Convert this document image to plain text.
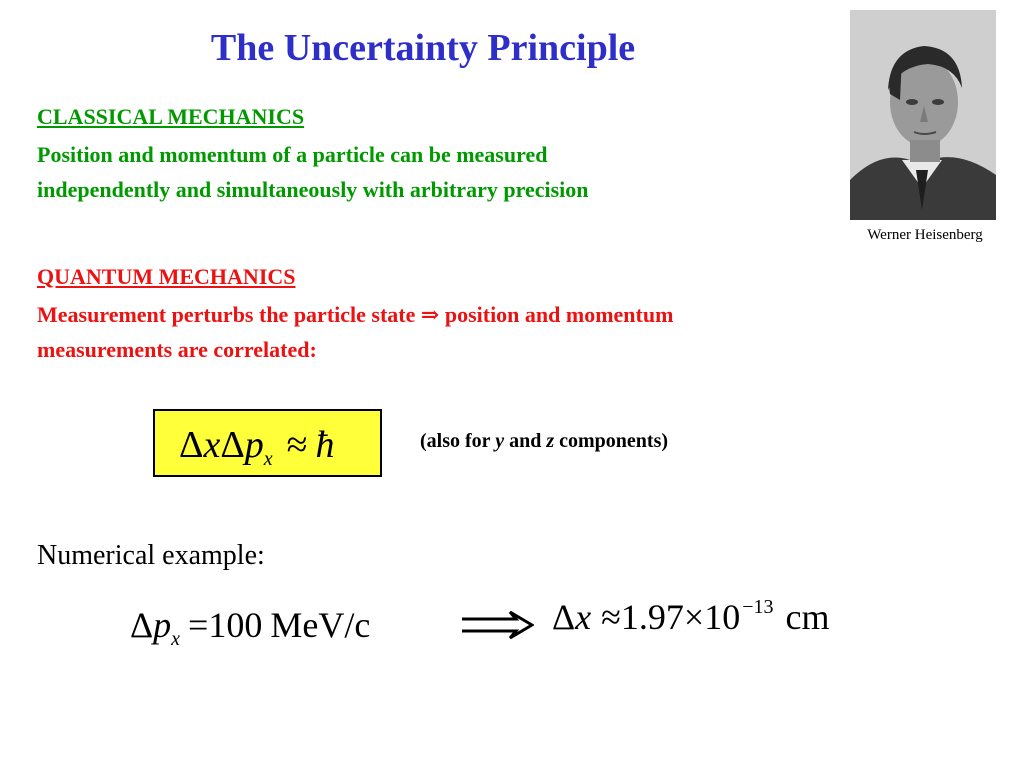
The Uncertainty Principle
CLASSICAL MECHANICS
Position and momentum of a particle can be measured
independently and simultaneously with arbitrary precision
Werner Heisenberg
QUANTUM MECHANICS
Measurement perturbs the particle state ⇒ position and momentum
measurements are correlated:
ΔxΔp$_x$ ≈ ħ	(also for y and z components)
Numerical example:
$\Delta p_x =100$ MeV/c	Δx ≈1.97×10 $^{-13}$ cm
